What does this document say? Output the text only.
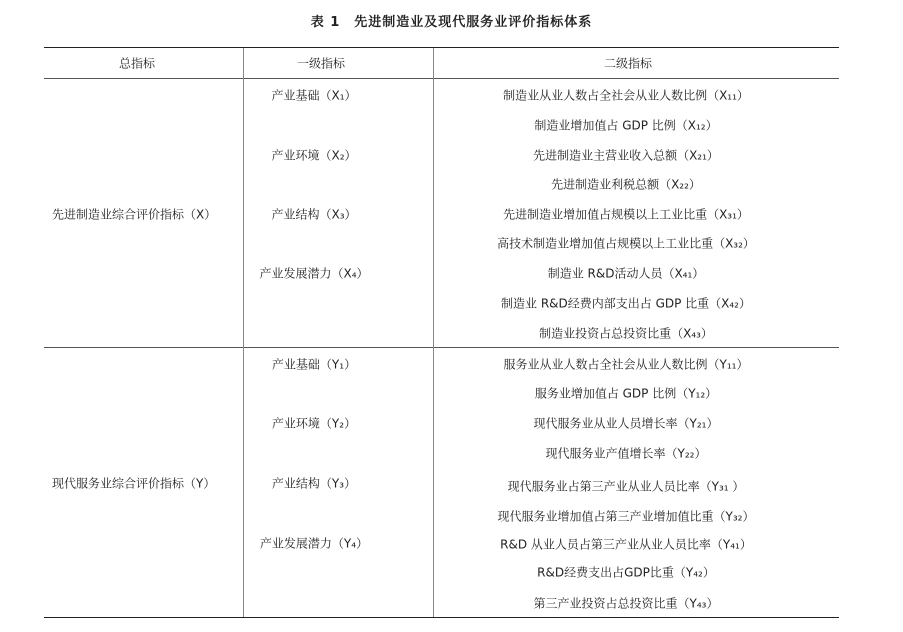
表 1　先进制造业及现代服务业评价指标体系
总指标	一级指标	二级指标
先进制造业综合评价指标（X）
产业基础（X₁）
产业环境（X₂）
产业结构（X₃）
产业发展潜力（X₄）
制造业从业人数占全社会从业人数比例（X₁₁）
制造业增加值占 GDP 比例（X₁₂）
先进制造业主营业收入总额（X₂₁）
先进制造业利税总额（X₂₂）
先进制造业增加值占规模以上工业比重（X₃₁）
高技术制造业增加值占规模以上工业比重（X₃₂）
制造业 R&D活动人员（X₄₁）
制造业 R&D经费内部支出占 GDP 比重（X₄₂）
制造业投资占总投资比重（X₄₃）
现代服务业综合评价指标（Y）
产业基础（Y₁）
产业环境（Y₂）
产业结构（Y₃）
产业发展潜力（Y₄）
服务业从业人数占全社会从业人数比例（Y₁₁）
服务业增加值占 GDP 比例（Y₁₂）
现代服务业从业人员增长率（Y₂₁）
现代服务业产值增长率（Y₂₂）
现代服务业占第三产业从业人员比率（Y₃₁ ）
现代服务业增加值占第三产业增加值比重（Y₃₂）
R&D 从业人员占第三产业从业人员比率（Y₄₁）
R&D经费支出占GDP比重（Y₄₂）
第三产业投资占总投资比重（Y₄₃）
